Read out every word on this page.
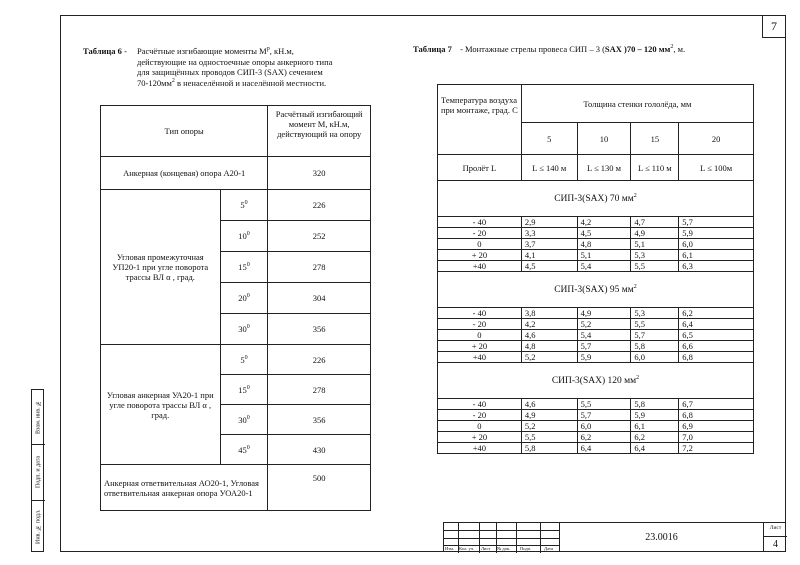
7
Таблица 6 - Расчётные изгибающие моменты $М^р$, кН.м,
действующие на одностоечные опоры анкерного типа
для защищённых проводов СИП-3 (SAX) сечением
$70-120мм^2$ в ненаселённой и населённой местности.
Тип опоры		Расчётный изгибающий момент М, кН.м, действующий на опору
Анкерная (концевая) опора А20-1		320
Угловая промежуточная УП20-1 при угле поворота трассы ВЛ α , град.	$5^0$	226
	$10^0$	252
	$15^0$	278
	$20^0$	304
	$30^0$	356
Угловая анкерная УА20-1 при угле поворота трассы ВЛ α , град.	$5^0$	226
	$15^0$	278
	$30^0$	356
	$45^0$	430
Анкерная ответвительная АО20-1, Угловая ответвительная анкерная опора УОА20-1		500
Таблица 7 - Монтажные стрелы провеса СИП – 3 (SAX )70 – 120 $мм^2$, м.
Температура воздуха при монтаже, град. С	Толщина стенки гололёда, мм			
	5	10	15	20
Пролёт L	L ≤ 140 м	L ≤ 130 м	L ≤ 110 м	L ≤ 100м
СИП-3(SAX) 70 $мм^2$
- 40	2,9	4,2	4,7	5,7
- 20	3,3	4,5	4,9	5,9
0	3,7	4,8	5,1	6,0
+ 20	4,1	5,1	5,3	6,1
+40	4,5	5,4	5,5	6,3
СИП-3(SAX) 95 $мм^2$
- 40	3,8	4,9	5,3	6,2
- 20	4,2	5,2	5,5	6,4
0	4,6	5,4	5,7	6,5
+ 20	4,8	5,7	5,8	6,6
+40	5,2	5,9	6,0	6,8
СИП-3(SAX) 120 $мм^2$
- 40	4,6	5,5	5,8	6,7
- 20	4,9	5,7	5,9	6,8
0	5,2	6,0	6,1	6,9
+ 20	5,5	6,2	6,2	7,0
+40	5,8	6,4	6,4	7,2
Инв. № подл.
Подп. и дата
Взам. инв. №
Изм. Кол. уч. Лист № док. Подп.	Дата
23.0016
Лист
4
